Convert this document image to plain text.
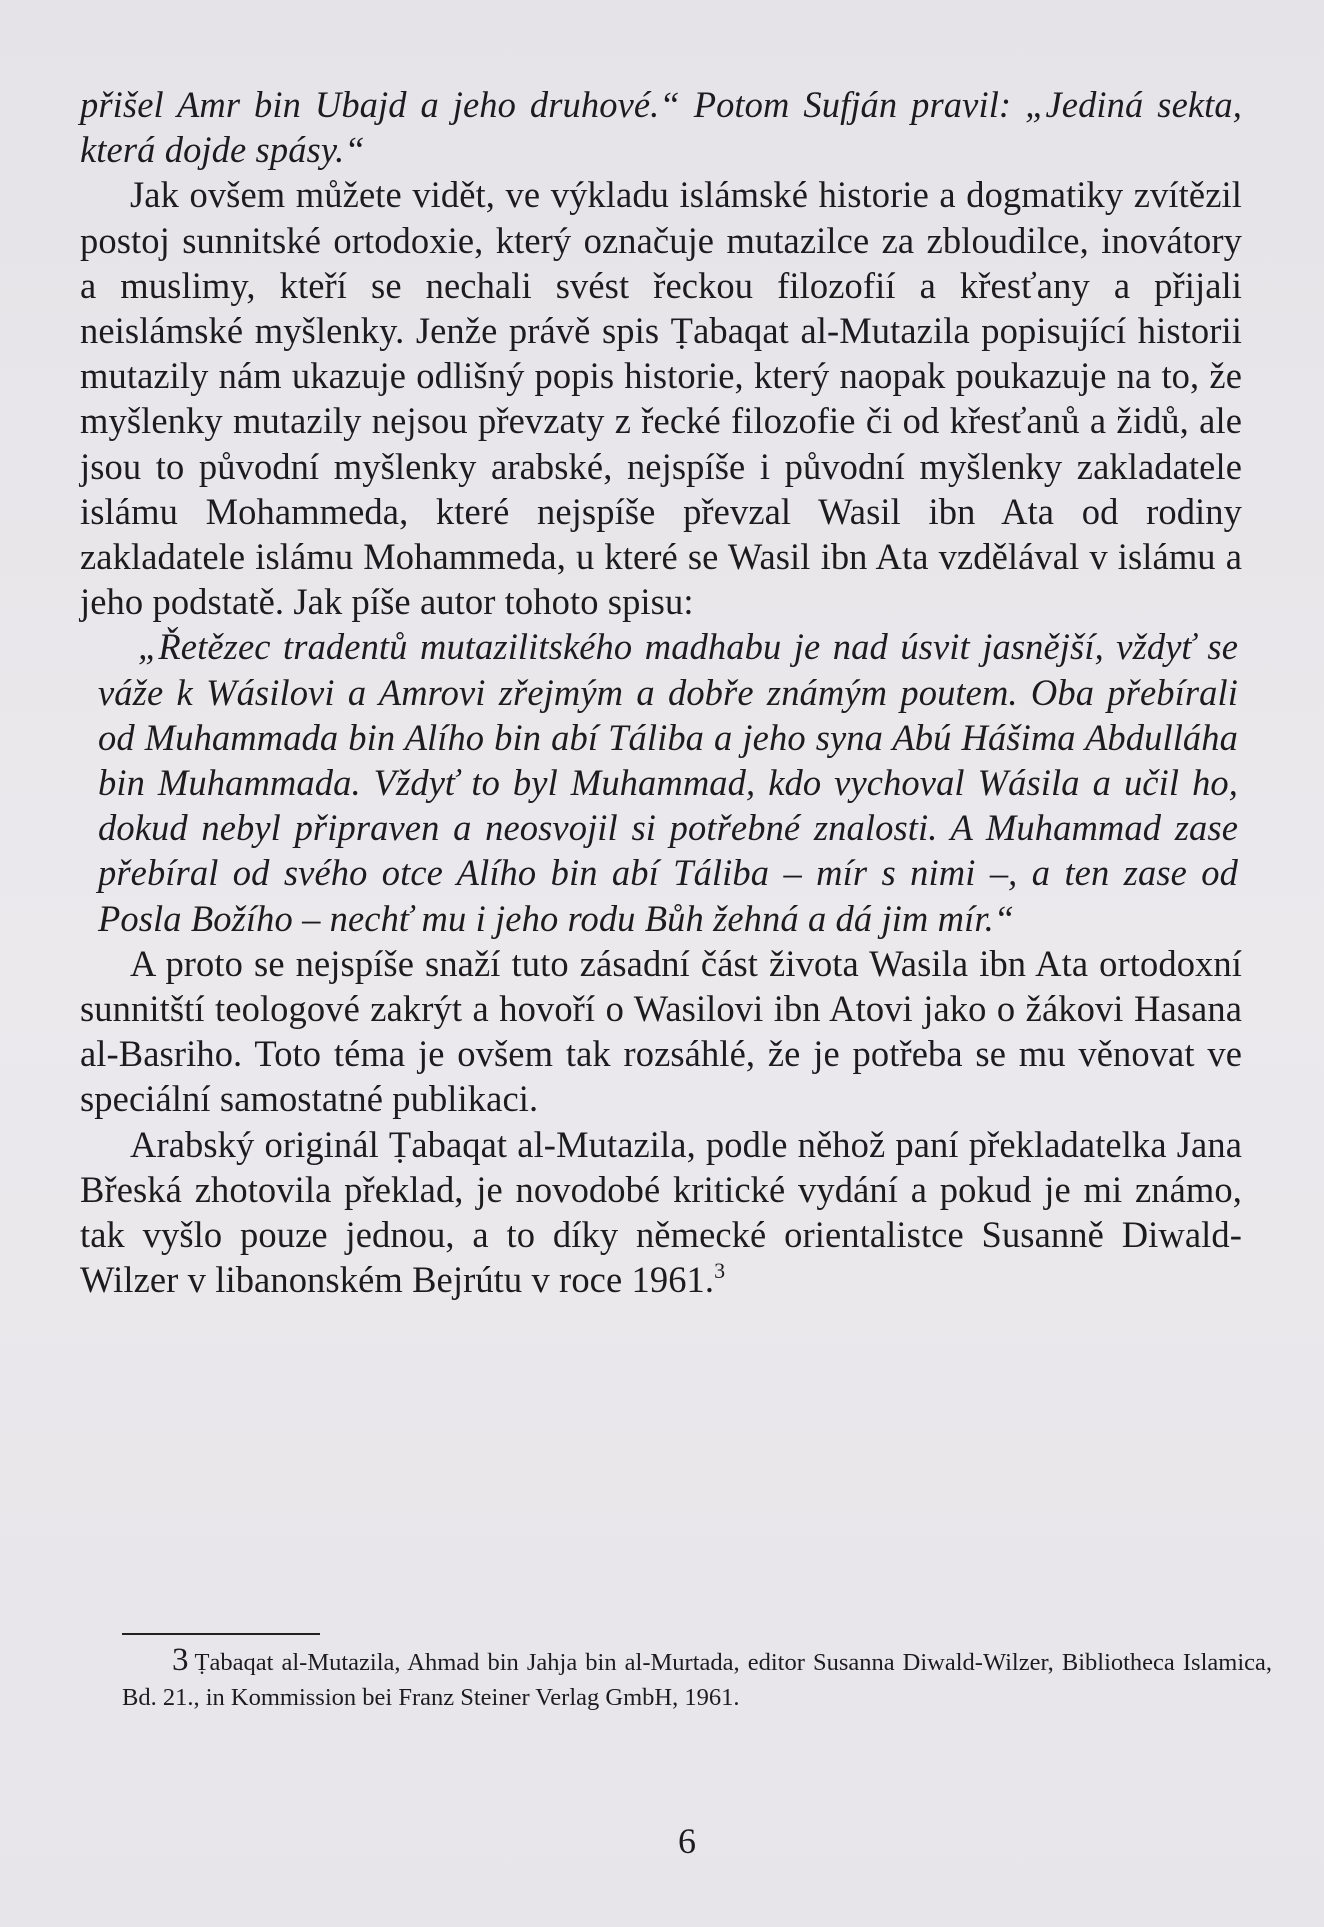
přišel Amr bin Ubajd a jeho druhové.“ Potom Sufján pravil: „Jediná sekta, která dojde spásy.“

Jak ovšem můžete vidět, ve výkladu islámské historie a dogmatiky zvítězil postoj sunnitské ortodoxie, který označuje mutazilce za zbloudilce, inovátory a muslimy, kteří se nechali svést řeckou filozofií a křesťany a přijali neislámské myšlenky. Jenže právě spis Ṭabaqat al-Mutazila popisující historii mutazily nám ukazuje odlišný popis historie, který naopak poukazuje na to, že myšlenky mutazily nejsou převzaty z řecké filozofie či od křesťanů a židů, ale jsou to původní myšlenky arabské, nejspíše i původní myšlenky zakladatele islámu Mohammeda, které nejspíše převzal Wasil ibn Ata od rodiny zakladatele islámu Mohammeda, u které se Wasil ibn Ata vzdělával v islámu a jeho podstatě. Jak píše autor tohoto spisu:

„Řetězec tradentů mutazilitského madhabu je nad úsvit jasnější, vždyť se váže k Wásilovi a Amrovi zřejmým a dobře známým poutem. Oba přebírali od Muhammada bin Alího bin abí Táliba a jeho syna Abú Hášima Abdulláha bin Muhammada. Vždyť to byl Muhammad, kdo vychoval Wásila a učil ho, dokud nebyl připraven a neosvojil si potřebné znalosti. A Muhammad zase přebíral od svého otce Alího bin abí Táliba – mír s nimi –, a ten zase od Posla Božího – nechť mu i jeho rodu Bůh žehná a dá jim mír.“

A proto se nejspíše snaží tuto zásadní část života Wasila ibn Ata ortodoxní sunnitští teologové zakrýt a hovoří o Wasilovi ibn Atovi jako o žákovi Hasana al-Basriho. Toto téma je ovšem tak rozsáhlé, že je potřeba se mu věnovat ve speciální samostatné publikaci.

Arabský originál Ṭabaqat al-Mutazila, podle něhož paní překladatelka Jana Břeská zhotovila překlad, je novodobé kritické vydání a pokud je mi známo, tak vyšlo pouze jednou, a to díky německé orientalistce Susanně Diwald-Wilzer v libanonském Bejrútu v roce 1961.$^3$

3 Ṭabaqat al-Mutazila, Ahmad bin Jahja bin al-Murtada, editor Susanna Diwald-Wilzer, Bibliotheca Islamica, Bd. 21., in Kommission bei Franz Steiner Verlag GmbH, 1961.

6
